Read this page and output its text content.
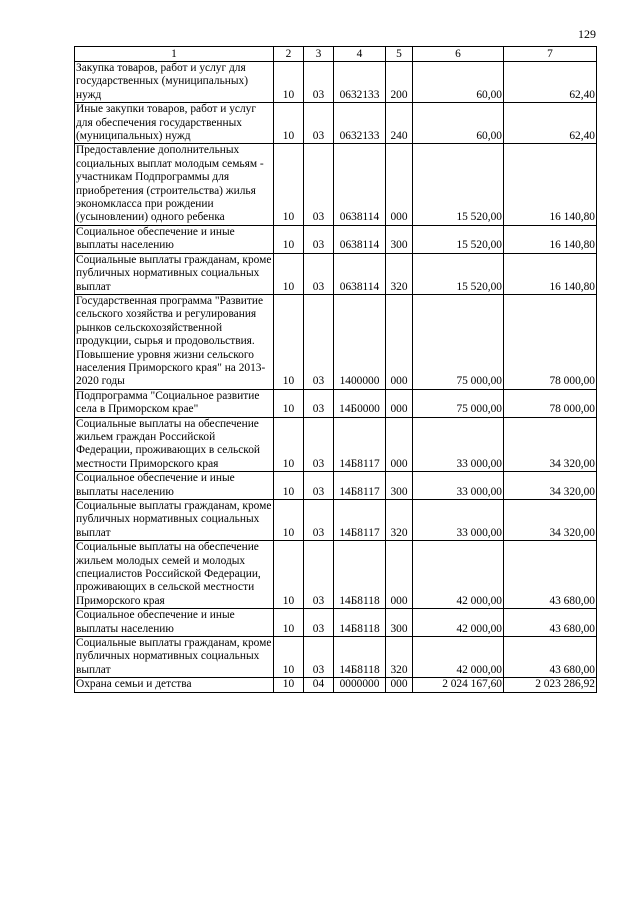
129
1	2	3	4	5	6	7
Закупка товаров, работ и услуг для государственных (муниципальных) нужд	10	03	0632133	200	60,00	62,40
Иные закупки товаров, работ и услуг для обеспечения государственных (муниципальных) нужд	10	03	0632133	240	60,00	62,40
Предоставление дополнительных социальных выплат молодым семьям - участникам Подпрограммы для приобретения (строительства) жилья экономкласса при рождении (усыновлении) одного ребенка	10	03	0638114	000	15 520,00	16 140,80
Социальное обеспечение и иные выплаты населению	10	03	0638114	300	15 520,00	16 140,80
Социальные выплаты гражданам, кроме публичных нормативных социальных выплат	10	03	0638114	320	15 520,00	16 140,80
Государственная программа "Развитие сельского хозяйства и регулирования рынков сельскохозяйственной продукции, сырья и продовольствия. Повышение уровня жизни сельского населения Приморского края" на 2013-2020 годы	10	03	1400000	000	75 000,00	78 000,00
Подпрограмма "Социальное развитие села в Приморском крае"	10	03	14Б0000	000	75 000,00	78 000,00
Социальные выплаты на обеспечение жильем граждан Российской Федерации, проживающих в сельской местности Приморского края	10	03	14Б8117	000	33 000,00	34 320,00
Социальное обеспечение и иные выплаты населению	10	03	14Б8117	300	33 000,00	34 320,00
Социальные выплаты гражданам, кроме публичных нормативных социальных выплат	10	03	14Б8117	320	33 000,00	34 320,00
Социальные выплаты на обеспечение жильем молодых семей и молодых специалистов Российской Федерации, проживающих в сельской местности Приморского края	10	03	14Б8118	000	42 000,00	43 680,00
Социальное обеспечение и иные выплаты населению	10	03	14Б8118	300	42 000,00	43 680,00
Социальные выплаты гражданам, кроме публичных нормативных социальных выплат	10	03	14Б8118	320	42 000,00	43 680,00
Охрана семьи и детства	10	04	0000000	000	2 024 167,60	2 023 286,92
